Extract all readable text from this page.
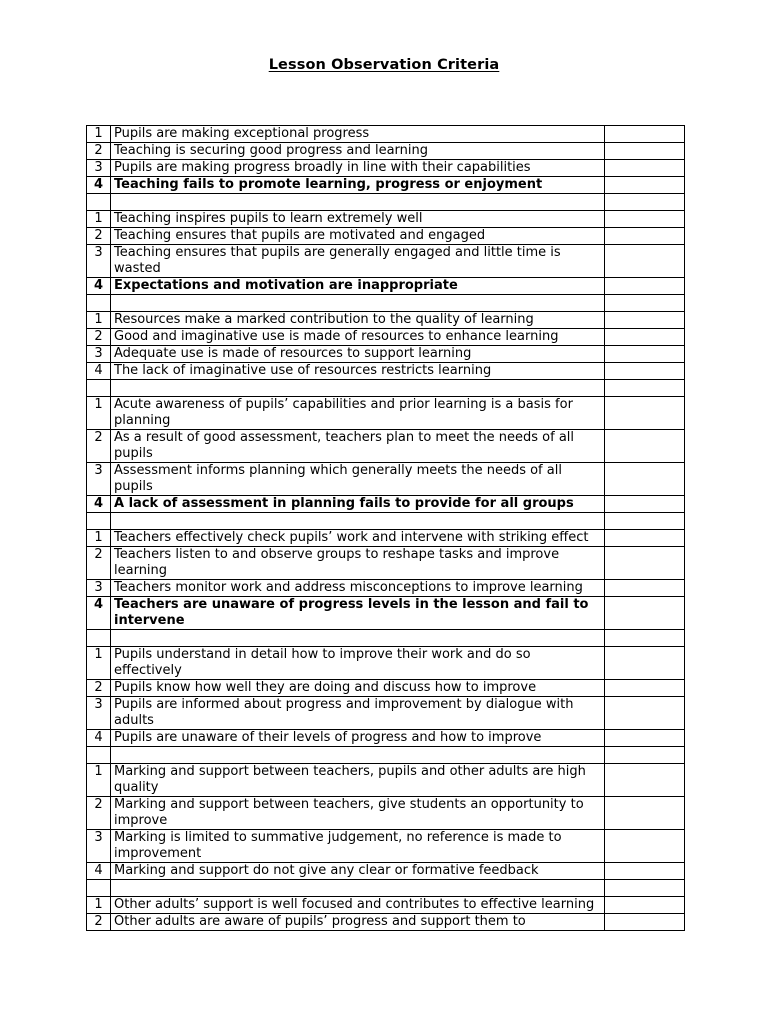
Lesson Observation Criteria
1	Pupils are making exceptional progress	
2	Teaching is securing good progress and learning	
3	Pupils are making progress broadly in line with their capabilities	
4	Teaching fails to promote learning, progress or enjoyment	

1	Teaching inspires pupils to learn extremely well	
2	Teaching ensures that pupils are motivated and engaged	
3	Teaching ensures that pupils are generally engaged and little time is wasted	
4	Expectations and motivation are inappropriate	

1	Resources make a marked contribution to the quality of learning	
2	Good and imaginative use is made of resources to enhance learning	
3	Adequate use is made of resources to support learning	
4	The lack of imaginative use of resources restricts learning	

1	Acute awareness of pupils’ capabilities and prior learning is a basis for planning	
2	As a result of good assessment, teachers plan to meet the needs of all pupils	
3	Assessment informs planning which generally meets the needs of all pupils	
4	A lack of assessment in planning fails to provide for all groups	

1	Teachers effectively check pupils’ work and intervene with striking effect	
2	Teachers listen to and observe groups to reshape tasks and improve learning	
3	Teachers monitor work and address misconceptions to improve learning	
4	Teachers are unaware of progress levels in the lesson and fail to intervene	

1	Pupils understand in detail how to improve their work and do so effectively	
2	Pupils know how well they are doing and discuss how to improve	
3	Pupils are informed about progress and improvement by dialogue with adults	
4	Pupils are unaware of their levels of progress and how to improve	

1	Marking and support between teachers, pupils and other adults are high quality	
2	Marking and support between teachers, give students an opportunity to improve	
3	Marking is limited to summative judgement, no reference is made to improvement	
4	Marking and support do not give any clear or formative feedback	

1	Other adults’ support is well focused and contributes to effective learning	
2	Other adults are aware of pupils’ progress and support them to	
